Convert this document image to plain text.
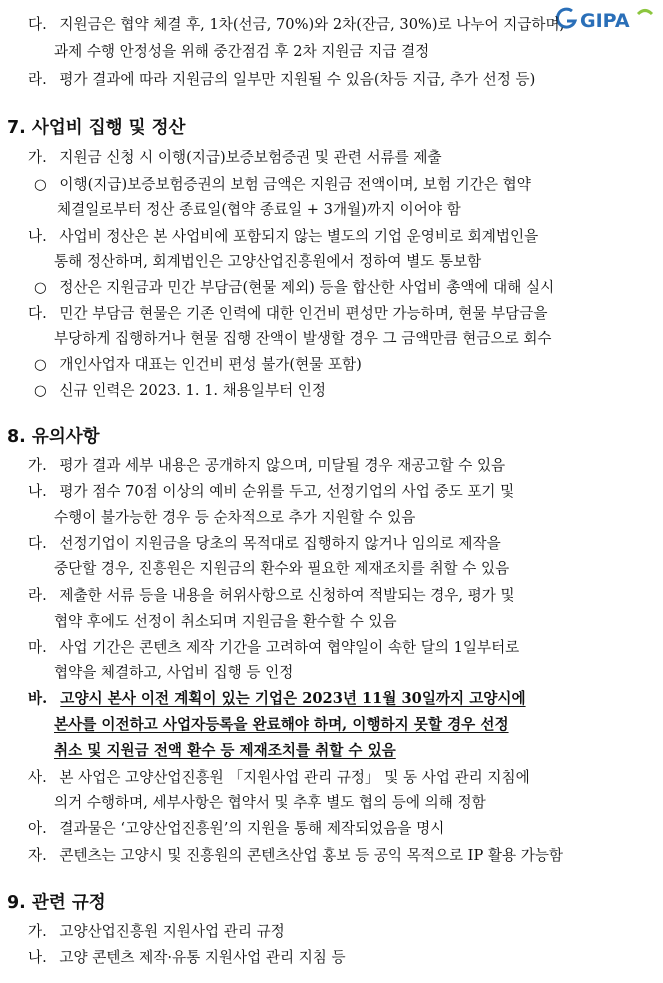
GIPA
다. 지원금은 협약 체결 후, 1차(선금, 70%)와 2차(잔금, 30%)로 나누어 지급하며,
과제 수행 안정성을 위해 중간점검 후 2차 지원금 지급 결정
라. 평가 결과에 따라 지원금의 일부만 지원될 수 있음(차등 지급, 추가 선정 등)
7. 사업비 집행 및 정산
가. 지원금 신청 시 이행(지급)보증보험증권 및 관련 서류를 제출
○ 이행(지급)보증보험증권의 보험 금액은 지원금 전액이며, 보험 기간은 협약
체결일로부터 정산 종료일(협약 종료일 + 3개월)까지 이어야 함
나. 사업비 정산은 본 사업비에 포함되지 않는 별도의 기업 운영비로 회계법인을
통해 정산하며, 회계법인은 고양산업진흥원에서 정하여 별도 통보함
○ 정산은 지원금과 민간 부담금(현물 제외) 등을 합산한 사업비 총액에 대해 실시
다. 민간 부담금 현물은 기존 인력에 대한 인건비 편성만 가능하며, 현물 부담금을
부당하게 집행하거나 현물 집행 잔액이 발생할 경우 그 금액만큼 현금으로 회수
○ 개인사업자 대표는 인건비 편성 불가(현물 포함)
○ 신규 인력은 2023. 1. 1. 채용일부터 인정
8. 유의사항
가. 평가 결과 세부 내용은 공개하지 않으며, 미달될 경우 재공고할 수 있음
나. 평가 점수 70점 이상의 예비 순위를 두고, 선정기업의 사업 중도 포기 및
수행이 불가능한 경우 등 순차적으로 추가 지원할 수 있음
다. 선정기업이 지원금을 당초의 목적대로 집행하지 않거나 임의로 제작을
중단할 경우, 진흥원은 지원금의 환수와 필요한 제재조치를 취할 수 있음
라. 제출한 서류 등을 내용을 허위사항으로 신청하여 적발되는 경우, 평가 및
협약 후에도 선정이 취소되며 지원금을 환수할 수 있음
마. 사업 기간은 콘텐츠 제작 기간을 고려하여 협약일이 속한 달의 1일부터로
협약을 체결하고, 사업비 집행 등 인정
바. 고양시 본사 이전 계획이 있는 기업은 2023년 11월 30일까지 고양시에
본사를 이전하고 사업자등록을 완료해야 하며, 이행하지 못할 경우 선정
취소 및 지원금 전액 환수 등 제재조치를 취할 수 있음
사. 본 사업은 고양산업진흥원 「지원사업 관리 규정」 및 동 사업 관리 지침에
의거 수행하며, 세부사항은 협약서 및 추후 별도 협의 등에 의해 정함
아. 결과물은 ‘고양산업진흥원’의 지원을 통해 제작되었음을 명시
자. 콘텐츠는 고양시 및 진흥원의 콘텐츠산업 홍보 등 공익 목적으로 IP 활용 가능함
9. 관련 규정
가. 고양산업진흥원 지원사업 관리 규정
나. 고양 콘텐츠 제작·유통 지원사업 관리 지침 등
